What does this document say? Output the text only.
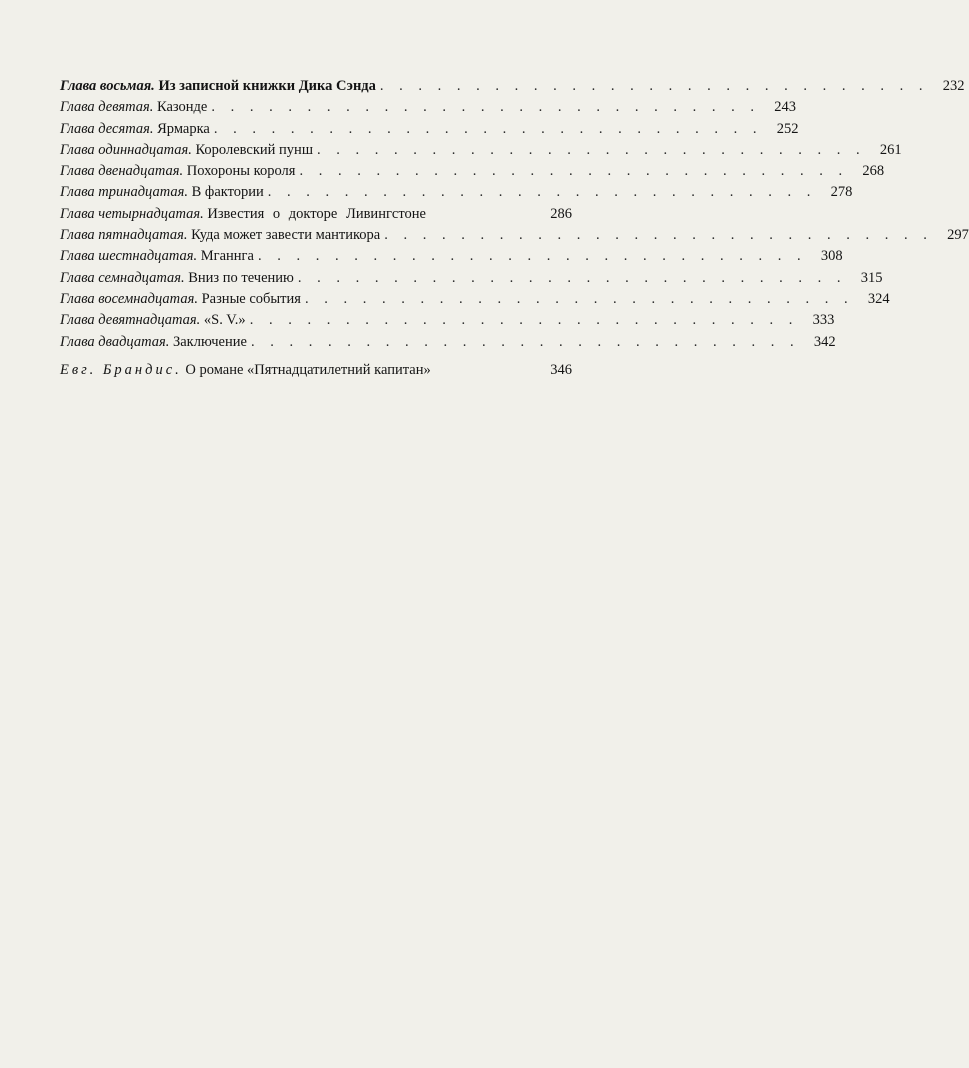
Глава восьмая. Из записной книжки Дика Сэнда . . . . . . . . . . . . . . . . . . . . . . . . . . . . . 232
Глава девятая. Казонде . . . . . . . . . . . . . . . . . . . . . . . . . . . . . 243
Глава десятая. Ярмарка . . . . . . . . . . . . . . . . . . . . . . . . . . . . . 252
Глава одиннадцатая. Королевский пунш . . . . . . . . . . . . . . . . . . . . . . . . . . . . . 261
Глава двенадцатая. Похороны короля . . . . . . . . . . . . . . . . . . . . . . . . . . . . . 268
Глава тринадцатая. В фактории . . . . . . . . . . . . . . . . . . . . . . . . . . . . . 278
Глава четырнадцатая. Известия о докторе Ливингстоне	286
Глава пятнадцатая. Куда может завести мантикора . . . . . . . . . . . . . . . . . . . . . . . . . . . . . 297
Глава шестнадцатая. Мганнга . . . . . . . . . . . . . . . . . . . . . . . . . . . . . 308
Глава семнадцатая. Вниз по течению . . . . . . . . . . . . . . . . . . . . . . . . . . . . . 315
Глава восемнадцатая. Разные события . . . . . . . . . . . . . . . . . . . . . . . . . . . . . 324
Глава девятнадцатая. «S. V.» . . . . . . . . . . . . . . . . . . . . . . . . . . . . . 333
Глава двадцатая. Заключение . . . . . . . . . . . . . . . . . . . . . . . . . . . . . 342
Евг. Брандис. О романе «Пятнадцатилетний капитан»	346
